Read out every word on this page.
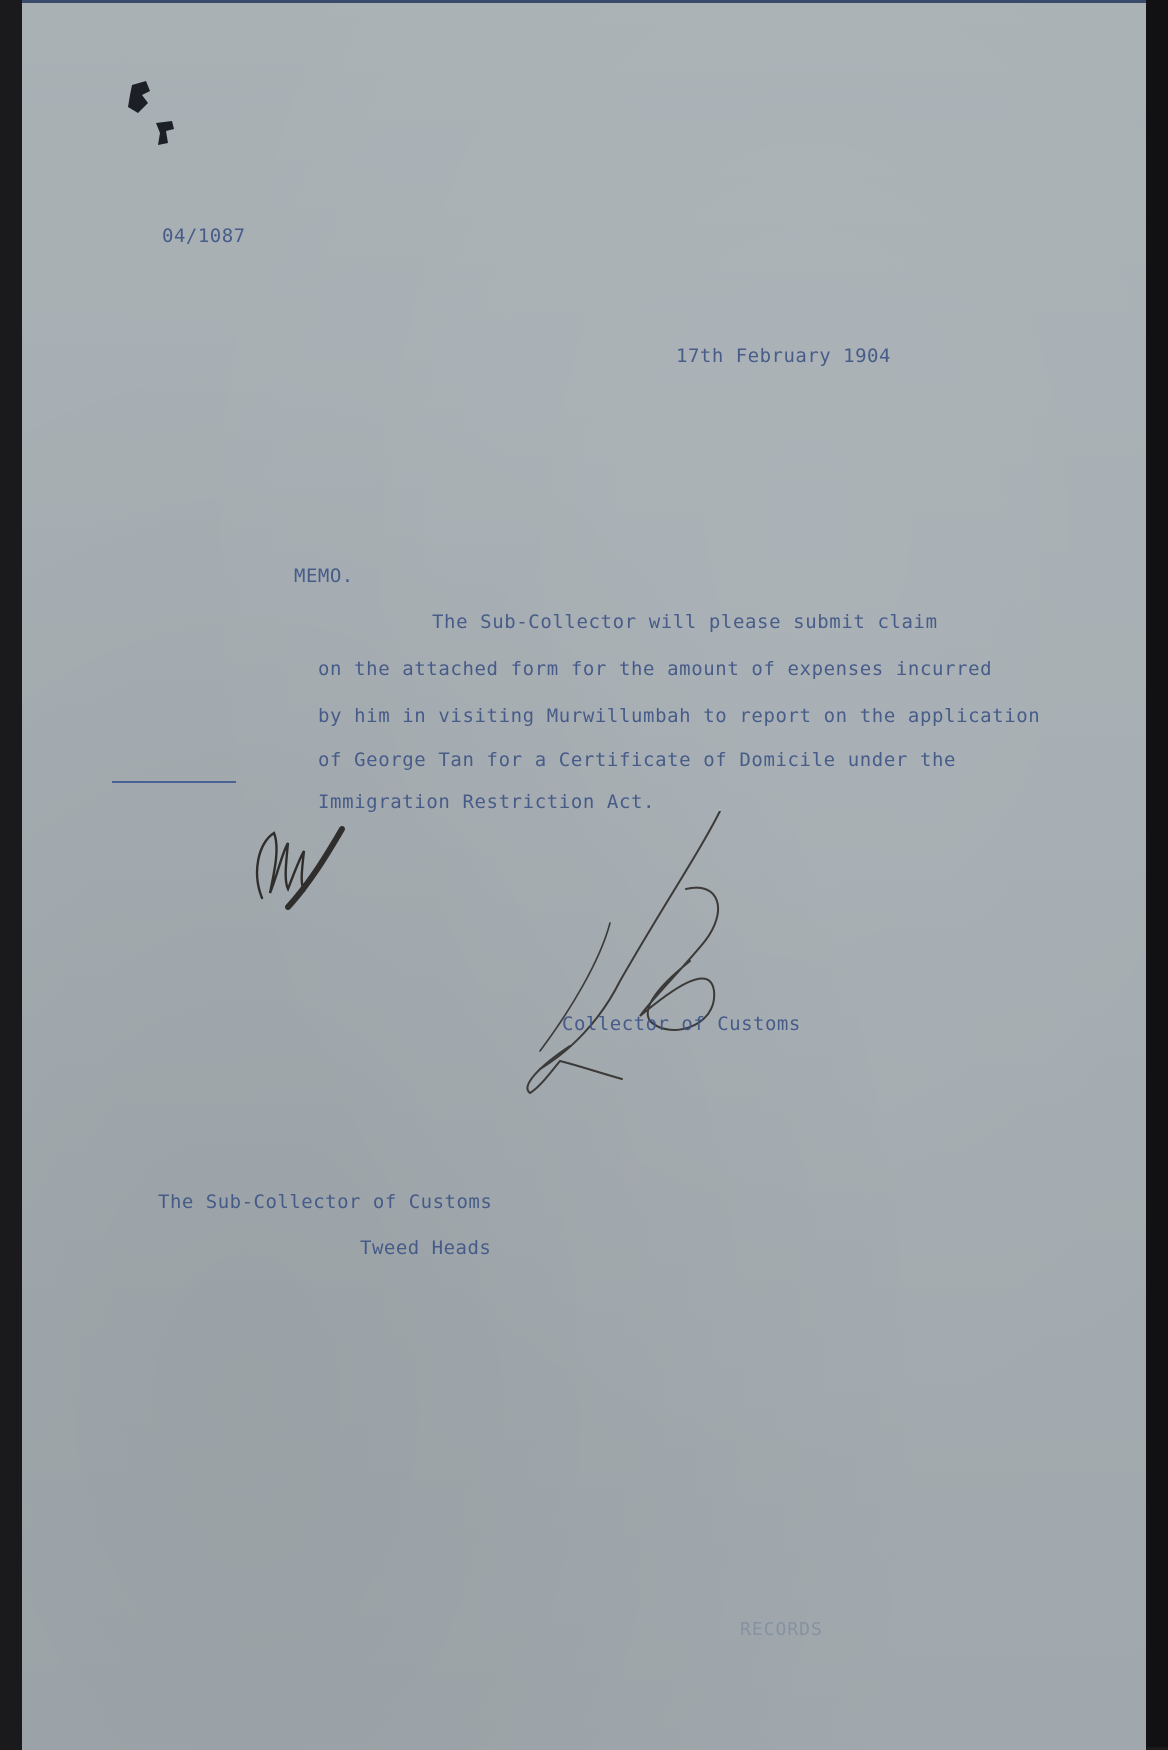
04/1087

17th February 1904

MEMO.

The Sub-Collector will please submit claim
on the attached form for the amount of expenses incurred
by him in visiting Murwillumbah to report on the application
of George Tan for a Certificate of Domicile under the
Immigration Restriction Act.

Collector of Customs

The Sub-Collector of Customs

Tweed Heads

RECORDS
